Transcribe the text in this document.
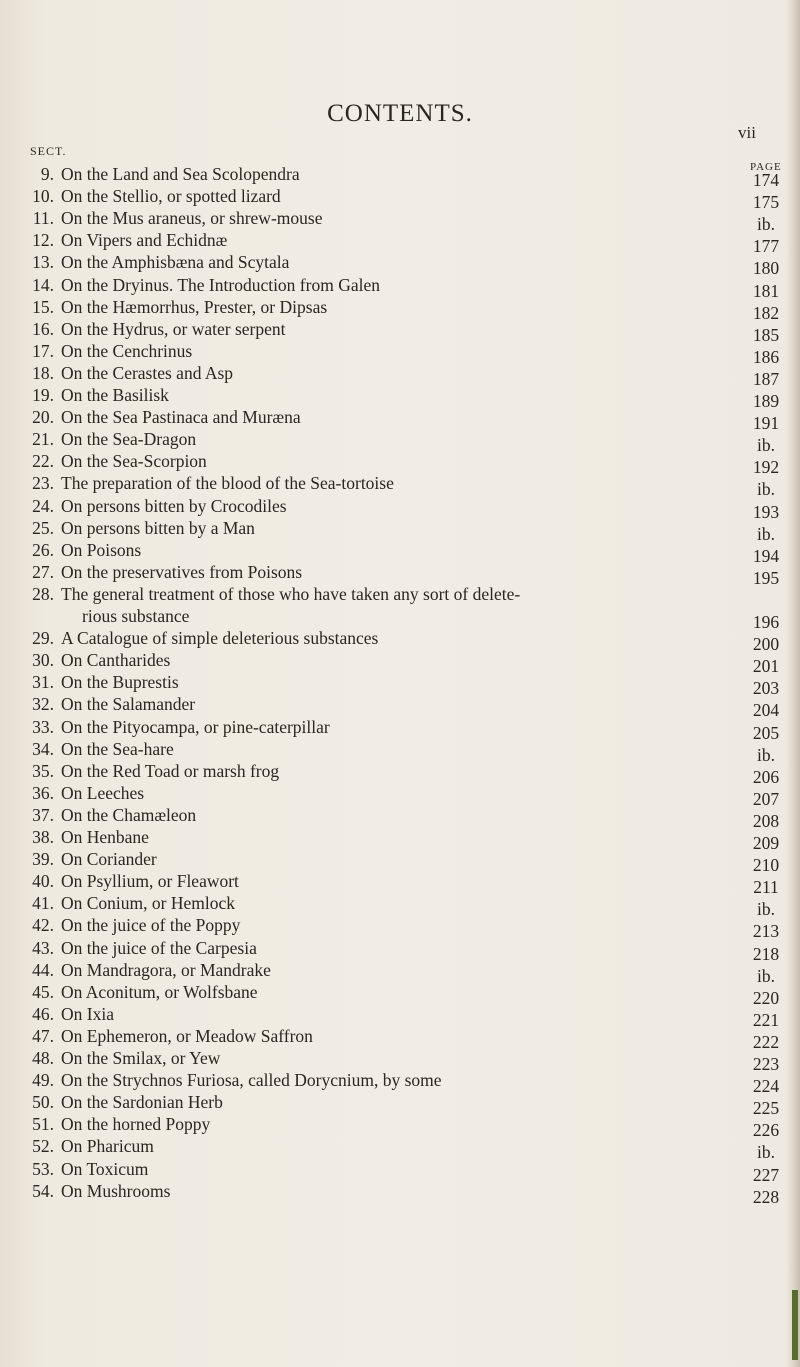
CONTENTS.
vii
SECT.
PAGE
9. On the Land and Sea Scolopendra	174
10. On the Stellio, or spotted lizard	175
11. On the Mus araneus, or shrew-mouse	ib.
12. On Vipers and Echidnæ	177
13. On the Amphisbæna and Scytala	180
14. On the Dryinus. The Introduction from Galen	181
15. On the Hæmorrhus, Prester, or Dipsas	182
16. On the Hydrus, or water serpent	185
17. On the Cenchrinus	186
18. On the Cerastes and Asp	187
19. On the Basilisk	189
20. On the Sea Pastinaca and Muræna	191
21. On the Sea-Dragon	ib.
22. On the Sea-Scorpion	192
23. The preparation of the blood of the Sea-tortoise	ib.
24. On persons bitten by Crocodiles	193
25. On persons bitten by a Man	ib.
26. On Poisons	194
27. On the preservatives from Poisons	195
28. The general treatment of those who have taken any sort of delete-
rious substance	196
29. A Catalogue of simple deleterious substances	200
30. On Cantharides	201
31. On the Buprestis	203
32. On the Salamander	204
33. On the Pityocampa, or pine-caterpillar	205
34. On the Sea-hare	ib.
35. On the Red Toad or marsh frog	206
36. On Leeches	207
37. On the Chamæleon	208
38. On Henbane	209
39. On Coriander	210
40. On Psyllium, or Fleawort	211
41. On Conium, or Hemlock	ib.
42. On the juice of the Poppy	213
43. On the juice of the Carpesia	218
44. On Mandragora, or Mandrake	ib.
45. On Aconitum, or Wolfsbane	220
46. On Ixia	221
47. On Ephemeron, or Meadow Saffron	222
48. On the Smilax, or Yew	223
49. On the Strychnos Furiosa, called Dorycnium, by some	224
50. On the Sardonian Herb	225
51. On the horned Poppy	226
52. On Pharicum	ib.
53. On Toxicum	227
54. On Mushrooms	228
